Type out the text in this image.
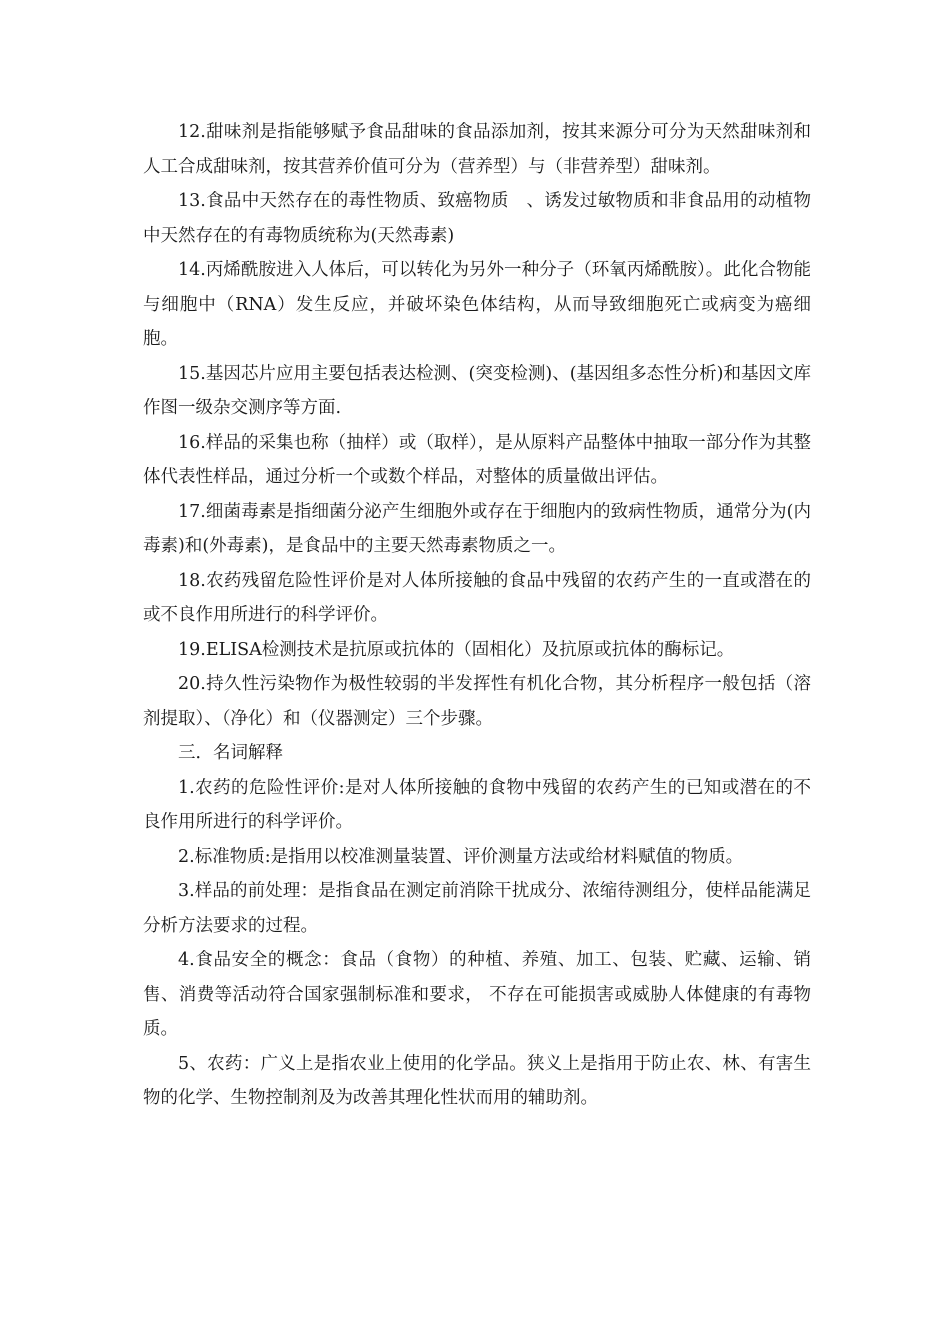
12.甜味剂是指能够赋予食品甜味的食品添加剂，按其来源分可分为天然甜味剂和人工合成甜味剂，按其营养价值可分为（营养型）与（非营养型）甜味剂。

13.食品中天然存在的毒性物质、致癌物质　、诱发过敏物质和非食品用的动植物中天然存在的有毒物质统称为(天然毒素)

14.丙烯酰胺进入人体后，可以转化为另外一种分子（环氧丙烯酰胺）。此化合物能与细胞中（RNA）发生反应，并破坏染色体结构，从而导致细胞死亡或病变为癌细胞。

15.基因芯片应用主要包括表达检测、(突变检测)、(基因组多态性分析)和基因文库作图一级杂交测序等方面.

16.样品的采集也称（抽样）或（取样），是从原料产品整体中抽取一部分作为其整体代表性样品，通过分析一个或数个样品，对整体的质量做出评估。

17.细菌毒素是指细菌分泌产生细胞外或存在于细胞内的致病性物质，通常分为(内毒素)和(外毒素)，是食品中的主要天然毒素物质之一。

18.农药残留危险性评价是对人体所接触的食品中残留的农药产生的一直或潜在的或不良作用所进行的科学评价。

19.ELISA检测技术是抗原或抗体的（固相化）及抗原或抗体的酶标记。

20.持久性污染物作为极性较弱的半发挥性有机化合物，其分析程序一般包括（溶剂提取）、（净化）和（仪器测定）三个步骤。

三．名词解释

1.农药的危险性评价:是对人体所接触的食物中残留的农药产生的已知或潜在的不良作用所进行的科学评价。

2.标准物质:是指用以校准测量装置、评价测量方法或给材料赋值的物质。

3.样品的前处理：是指食品在测定前消除干扰成分、浓缩待测组分，使样品能满足分析方法要求的过程。

4.食品安全的概念：食品（食物）的种植、养殖、加工、包装、贮藏、运输、销售、消费等活动符合国家强制标准和要求， 不存在可能损害或威胁人体健康的有毒物质。

5、农药：广义上是指农业上使用的化学品。狭义上是指用于防止农、林、有害生物的化学、生物控制剂及为改善其理化性状而用的辅助剂。
